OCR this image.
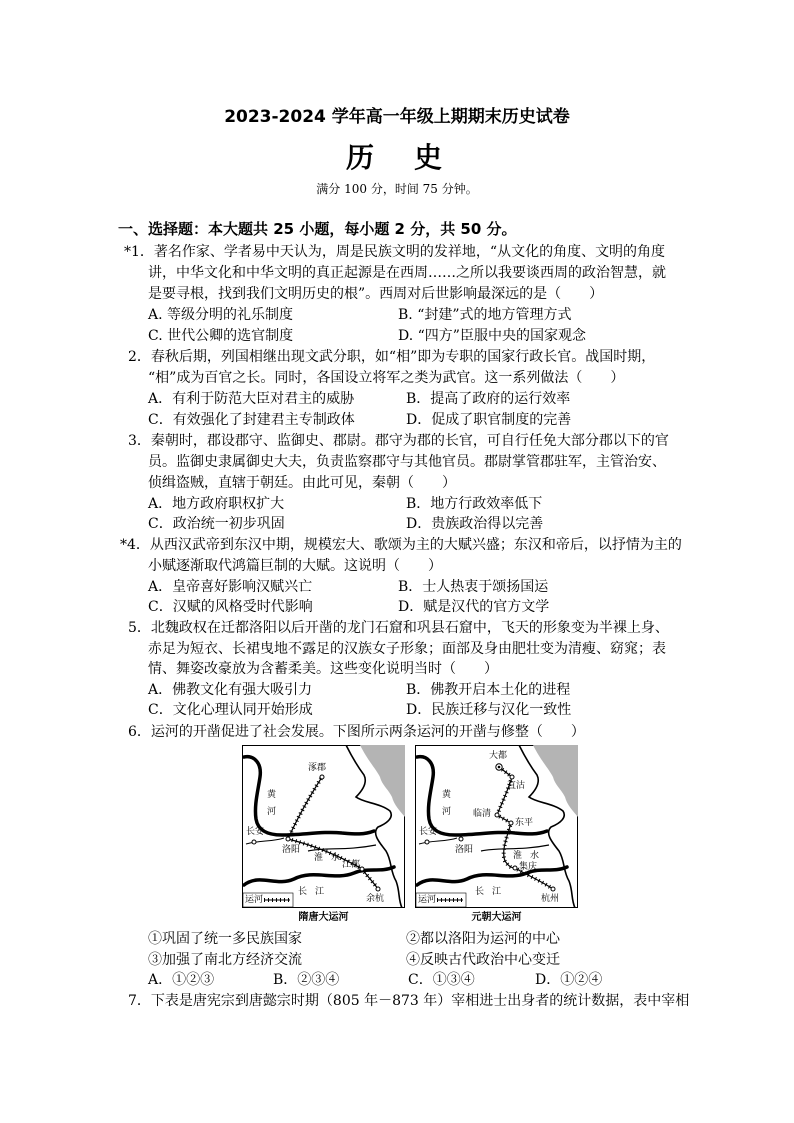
2023-2024 学年高一年级上期期末历史试卷
历　史
满分 100 分，时间 75 分钟。
一、选择题：本大题共 25 小题，每小题 2 分，共 50 分。
*1．著名作家、学者易中天认为，周是民族文明的发祥地，“从文化的角度、文明的角度
讲，中华文化和中华文明的真正起源是在西周……之所以我要谈西周的政治智慧，就
是要寻根，找到我们文明历史的根”。西周对后世影响最深远的是（　　）
A. 等级分明的礼乐制度	B. “封建”式的地方管理方式
C. 世代公卿的选官制度	D. “四方”臣服中央的国家观念
2．春秋后期，列国相继出现文武分职，如“相”即为专职的国家行政长官。战国时期，
“相”成为百官之长。同时，各国设立将军之类为武官。这一系列做法（　　）
A．有利于防范大臣对君主的威胁	B．提高了政府的运行效率
C．有效强化了封建君主专制政体	D．促成了职官制度的完善
3．秦朝时，郡设郡守、监御史、郡尉。郡守为郡的长官，可自行任免大部分郡以下的官
员。监御史隶属御史大夫，负责监察郡守与其他官员。郡尉掌管郡驻军，主管治安、
侦缉盗贼，直辖于朝廷。由此可见，秦朝（　　）
A．地方政府职权扩大	B．地方行政效率低下
C．政治统一初步巩固	D．贵族政治得以完善
*4．从西汉武帝到东汉中期，规模宏大、歌颂为主的大赋兴盛；东汉和帝后，以抒情为主的
小赋逐渐取代鸿篇巨制的大赋。这说明（　　）
A．皇帝喜好影响汉赋兴亡	B．士人热衷于颂扬国运
C．汉赋的风格受时代影响	D．赋是汉代的官方文学
5．北魏政权在迁都洛阳以后开凿的龙门石窟和巩县石窟中，飞天的形象变为半裸上身、
赤足为短衣、长裙曳地不露足的汉族女子形象；面部及身由肥壮变为清瘦、窈窕；表
情、舞姿改豪放为含蓄柔美。这些变化说明当时（　　）
A．佛教文化有强大吸引力	B．佛教开启本土化的进程
C．文化心理认同开始形成	D．民族迁移与汉化一致性
6．运河的开凿促进了社会发展。下图所示两条运河的开凿与修整（　　）
涿郡
黄河
长安
洛阳
淮水
江都
长江
余杭
运河
隋唐大运河
大都
直沽
临清
东平
黄河
长安
洛阳
淮水
集庆
长江
杭州
运河
元朝大运河
①巩固了统一多民族国家	②都以洛阳为运河的中心
③加强了南北方经济交流	④反映古代政治中心变迁
A．①②③	B．②③④	C．①③④	D．①②④
7．下表是唐宪宗到唐懿宗时期（805 年－873 年）宰相进士出身者的统计数据，表中宰相
